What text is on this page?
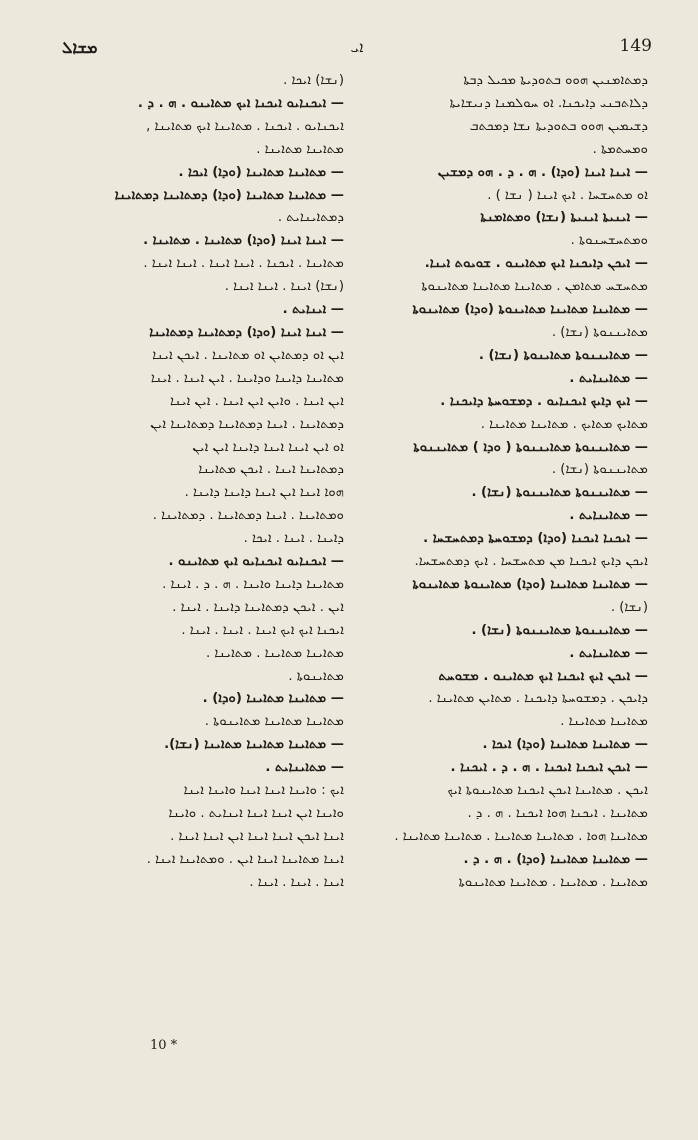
ܡܫܐܠ	ܐܝ	149
ܕܡܬܐܡܢܝܢ ܗܘܘ ܒܬܘܕܝܬܐ ܡܟܝܠ ܕܒܬܐ
ܕܠܐܬܒܢܝ ܕܐܝܟܢܐ. ܐܘ ܚܘܠܡܢܐ ܕܢܝܫܐܝܬܐ
ܕܫܝܡܝܢ ܗܘܘ ܒܬܘܕܝܬܐ ܢܫܐ ܕܡܟܬܒ
ܘܡܚܬܡܬܐ .
— ܐܝܢܐ ܐܝܢܐ (ܘܕܐ) . ܗ . ܕ . ܗܘ ܕܡܫܝܢ
ܐܘ ܡܬܚܫܚܐ . ܐܝܟ ܐܝܢܐ ( ܢܫܐ ) .
— ܐܝܢܝܬܐ ܐܝܢܝܬܐ (ܢܫܐ) ܘܡܬܐܡܢܬܐ
ܘܡܬܚܫܚܢܘܬܐ .
— ܐܝܟܢ ܕܐܝܟܢܐ ܐܝܟ ܡܬܐܝܢܘ . ܫܘܝܘܬ ܐܝܢܐ.
ܡܬܚܫܚ ܡܬܐܡܢ . ܡܬܐܝܢܐ ܡܬܐܝܢܐ ܡܬܐܝܢܘܬܐ
— ܡܬܐܝܢܐ ܡܬܐܝܢܐ ܡܬܐܝܢܘܬܐ (ܘܕܐ) ܡܬܐܝܢܘܬܐ
ܡܬܐܝܢܢܘܬܐ (ܢܫܐ) .
— ܡܬܐܝܢܢܘܬܐ ܡܬܐܝܢܘܬܐ (ܢܫܐ) .
— ܡܬܐܝܢܐܝܬ .
— ܐܝܟ ܕܐܝܟ ܐܝܟܢܐܝܘ . ܕܡܫܘܚܬܐ ܕܐܝܟܢܐ .
ܡܬܐܝܟ ܡܬܐܝܟ . ܡܬܐܝܢܐ ܡܬܐܝܢܐ .
— ܡܬܐܝܢܢܘܬܐ ܡܬܐܝܢܢܘܬܐ ( ܘܕܐ ) ܡܬܐܝܢܢܘܬܐ
ܡܬܐܝܢܢܘܬܐ (ܢܫܐ) .
— ܡܬܐܝܢܢܘܬܐ ܡܬܐܝܢܢܘܬܐ (ܢܫܐ) .
— ܡܬܐܝܢܐܝܬ .
— ܐܝܟܢܐ ܐܝܟܢܐ (ܘܕܐ) ܕܡܫܘܚܬܐ ܕܡܬܚܫܚܐ .
ܐܝܟܢ ܕܐܝܟ ܐܝܟܢܐ ܡܢ ܡܬܚܫܚܐ . ܐܝܟ ܕܡܬܚܫܚܐ.
— ܡܬܐܝܢܐ ܡܬܐܝܢܐ (ܘܕܐ) ܡܬܐܝܢܘܬܐ ܡܬܐܝܢܘܬܐ
(ܢܫܐ) .
— ܡܬܐܝܢܢܘܬܐ ܡܬܐܝܢܢܘܬܐ (ܢܫܐ) .
— ܡܬܐܝܢܐܝܬ .
— ܐܝܟܢ ܐܝܟ ܐܝܟܢܐ ܐܝܟ ܡܬܐܝܢܘ . ܡܫܘܚܬ
ܕܐܝܟܢ . ܕܡܫܘܚܬܐ ܕܐܝܟܢܐ . ܡܬܐܝܢ ܡܬܐܝܢܐ .
ܡܬܐܝܢܐ ܡܬܐܝܢܐ .
— ܡܬܐܝܢܐ ܡܬܐܝܢܐ (ܘܕܐ) ܐܝܟܐ .
— ܐܝܟܢ ܐܝܟܢܐ ܐܝܟܢܐ . ܗ . ܕ . ܐܝܟܢܐ .
ܐܝܟܢ . ܡܬܐܝܢܐ ܐܝܟܢ ܐܝܟܢܐ ܡܬܐܝܢܘܬܐ ܐܝܟ
ܡܬܐܝܢܐ . ܐܝܟܢܐ ܗܘܐ ܐܝܟܢܐ . ܗ . ܕ .
ܡܬܐܝܢܐ ܗܘܐ . ܡܬܐܝܢܐ ܡܬܐܝܢܐ . ܡܬܐܝܢܐ ܡܬܐܝܢܐ .
— ܡܬܐܝܢܐ ܡܬܐܝܢܐ (ܘܕܐ) . ܗ . ܕ .
ܡܬܐܝܢܐ . ܡܬܐܝܢܐ . ܡܬܐܝܢܐ ܡܬܐܝܢܘܬܐ
(ܢܫܐ) ܐܝܟܐ .
— ܐܝܟܢܐܝܘ ܐܝܟܢܐ ܐܝܟ ܡܬܐܝܢܘ . ܗ . ܕ .
ܐܝܟܢܐܝܘ . ܐܝܟܢܐ . ܡܬܐܝܢܐ ܐܝܟ ܡܬܐܝܢܐ ,
ܡܬܐܝܢܐ ܡܬܐܝܢܐ .
— ܡܬܐܝܢܐ ܡܬܐܝܢܐ (ܘܕܐ) ܐܝܟܐ .
— ܡܬܐܝܢܐ ܡܬܐܝܢܐ (ܘܕܐ) ܕܡܬܐܝܢܐ ܕܡܬܐܝܢܐ
ܕܡܬܐܝܢܐܝܬ .
— ܐܝܢܐ ܐܝܢܐ (ܘܕܐ) ܡܬܐܝܢܐ . ܡܬܐܝܢܐ .
ܡܬܐܝܢܐ . ܐܝܟܢܐ . ܐܝܢܐ ܐܝܢܐ . ܐܝܢܐ ܐܝܢܐ .
(ܢܫܐ) ܐܝܢܐ . ܐܝܢܐ ܐܝܢܐ .
— ܐܝܢܐܝܬ .
— ܐܝܢܐ ܐܝܢܐ (ܘܕܐ) ܕܡܬܐܝܢܐ ܕܡܬܐܝܢܐ
ܐܝܢ ܐܘ ܕܡܬܐܝܢ ܐܘ ܡܬܐܝܢܐ . ܐܝܟܢ ܐܝܢܐ
ܡܬܐܝܢܐ ܕܐܝܢܐ ܘܕܐܝܢܐ . ܐܝܢ ܐܝܢܐ . ܐܝܢܐ
ܐܝܢ ܐܝܢܐ . ܘܐܝܢ ܐܝܢ ܐܝܢܐ . ܐܝܢ ܐܝܢܐ
ܕܡܬܐܝܢܐ . ܐܝܢܐ ܕܡܬܐܝܢܐ ܕܡܬܐܝܢܐ ܐܝܢ
ܐܘ ܐܝܢ ܐܝܢܐ ܐܝܢܐ ܕܐܝܢܐ ܐܝܢ ܐܝܢ
ܕܡܬܐܝܢܐ ܐܝܢܐ . ܐܝܟܢ ܡܬܐܝܢܐ
ܗܘܐ ܐܝܢܐ ܐܝܢ ܐܝܢܐ ܕܐܝܢܐ ܕܐܝܢܐ .
ܘܡܬܐܝܢܐ . ܐܝܢܐ ܕܡܬܐܝܢܐ . ܕܡܬܐܝܢܐ .
ܕܐܝܢܐ . ܐܝܢܐ . ܐܝܟܐ .
— ܐܝܟܢܐܝܘ ܐܝܟܢܐܝܘ ܐܝܟ ܡܬܐܝܢܘ .
ܡܬܐܝܢܐ ܕܐܝܢܐ ܘܐܝܢܐ . ܗ . ܕ . ܐܝܢܐ .
ܐܝܢ . ܐܝܟܢ ܕܡܬܐܝܢܐ ܕܐܝܢܐ . ܐܝܢܐ .
ܐܝܟܢܐ ܐܝܟ ܐܝܟ ܐܝܢܐ . ܐܝܢܐ . ܐܝܢܐ .
ܡܬܐܝܢܐ ܡܬܐܝܢܐ . ܡܬܐܝܢܐ .
ܡܬܐܝܢܘܬܐ .
— ܡܬܐܝܢܐ ܡܬܐܝܢܐ (ܘܕܐ) .
ܡܬܐܝܢܐ ܡܬܐܝܢܐ ܡܬܐܝܢܘܬܐ .
— ܡܬܐܝܢܐ ܡܬܐܝܢܐ ܡܬܐܝܢܐ (ܢܫܐ).
— ܡܬܐܝܢܐܝܬ .
ܐܝܟ : ܘܐܝܢܐ ܐܝܢܐ ܐܝܢܐ ܘܐܝܢܐ ܐܝܢܐ
ܘܐܝܢܐ ܐܝܢ ܐܝܢܐ ܐܝܢܐ ܐܝܢܐܝܬ . ܘܐܝܢܐ
ܐܝܢܐ ܐܝܟܢ ܐܝܢܐ ܐܝܢܐ ܐܝܢ ܐܝܢܐ ܐܝܢܐ .
ܐܝܢܐ ܡܬܐܝܢܐ ܐܝܢܐ ܐܝܢ . ܘܡܬܐܝܢܐ ܐܝܢܐ .
ܐܝܢܐ . ܐܝܢܐ . ܐܝܢܐ .
10 *
